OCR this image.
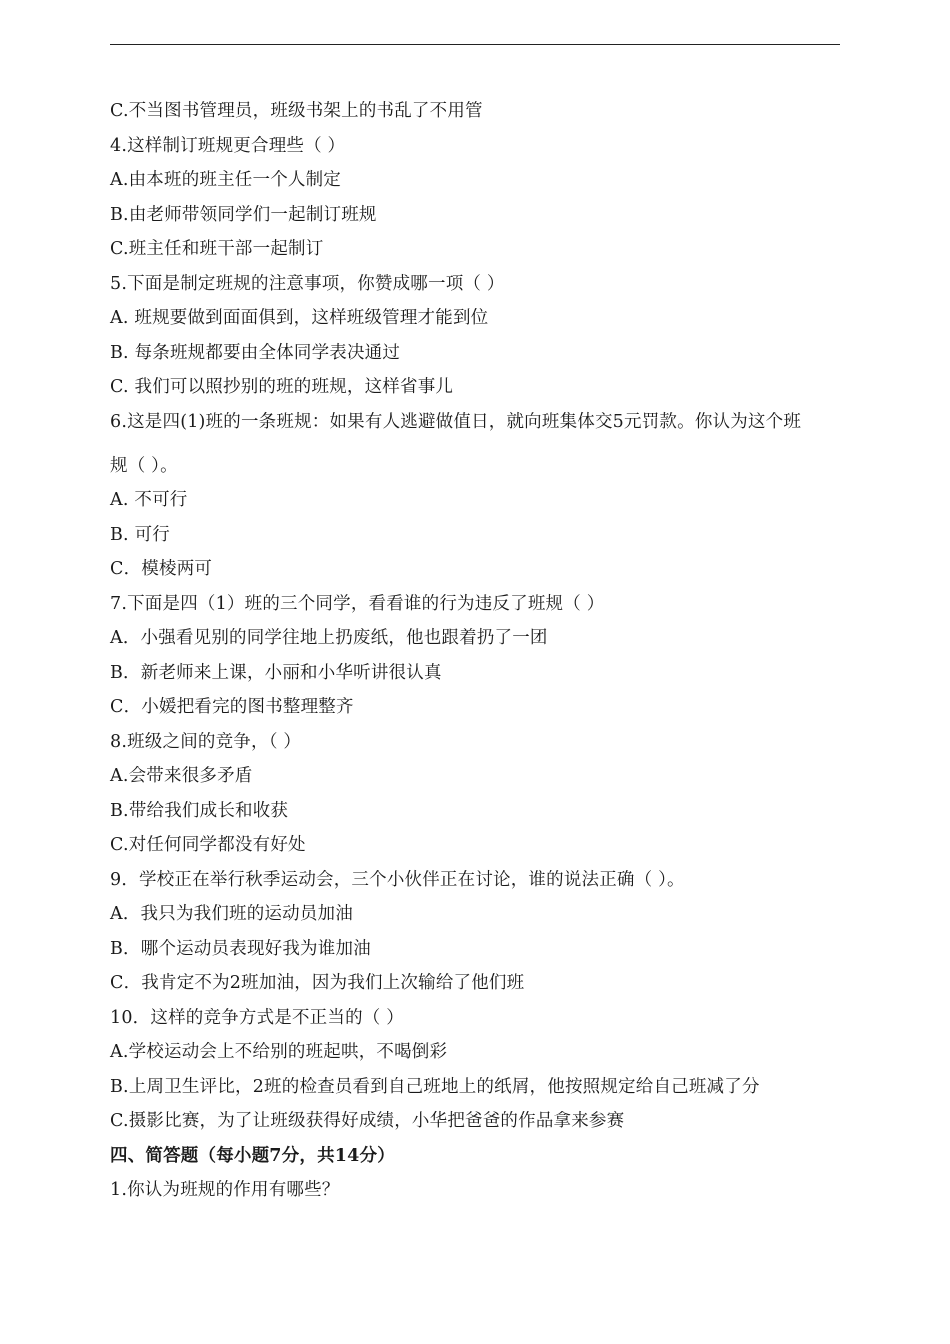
C.不当图书管理员，班级书架上的书乱了不用管
4.这样制订班规更合理些（ ）
A.由本班的班主任一个人制定
B.由老师带领同学们一起制订班规
C.班主任和班干部一起制订
5.下面是制定班规的注意事项，你赞成哪一项（ ）
A. 班规要做到面面俱到，这样班级管理才能到位
B. 每条班规都要由全体同学表决通过
C. 我们可以照抄别的班的班规，这样省事儿
6.这是四(1)班的一条班规：如果有人逃避做值日，就向班集体交5元罚款。你认为这个班
规（ ）。
A. 不可行
B. 可行
C．模棱两可
7.下面是四（1）班的三个同学，看看谁的行为违反了班规（ ）
A．小强看见别的同学往地上扔废纸，他也跟着扔了一团
B．新老师来上课，小丽和小华听讲很认真
C．小媛把看完的图书整理整齐
8.班级之间的竞争，（ ）
A.会带来很多矛盾
B.带给我们成长和收获
C.对任何同学都没有好处
9．学校正在举行秋季运动会，三个小伙伴正在讨论，谁的说法正确（ ）。
A．我只为我们班的运动员加油
B．哪个运动员表现好我为谁加油
C．我肯定不为2班加油，因为我们上次输给了他们班
10．这样的竞争方式是不正当的（ ）
A.学校运动会上不给别的班起哄，不喝倒彩
B.上周卫生评比，2班的检查员看到自己班地上的纸屑，他按照规定给自己班减了分
C.摄影比赛，为了让班级获得好成绩，小华把爸爸的作品拿来参赛
四、简答题（每小题7分，共14分）
1.你认为班规的作用有哪些？
